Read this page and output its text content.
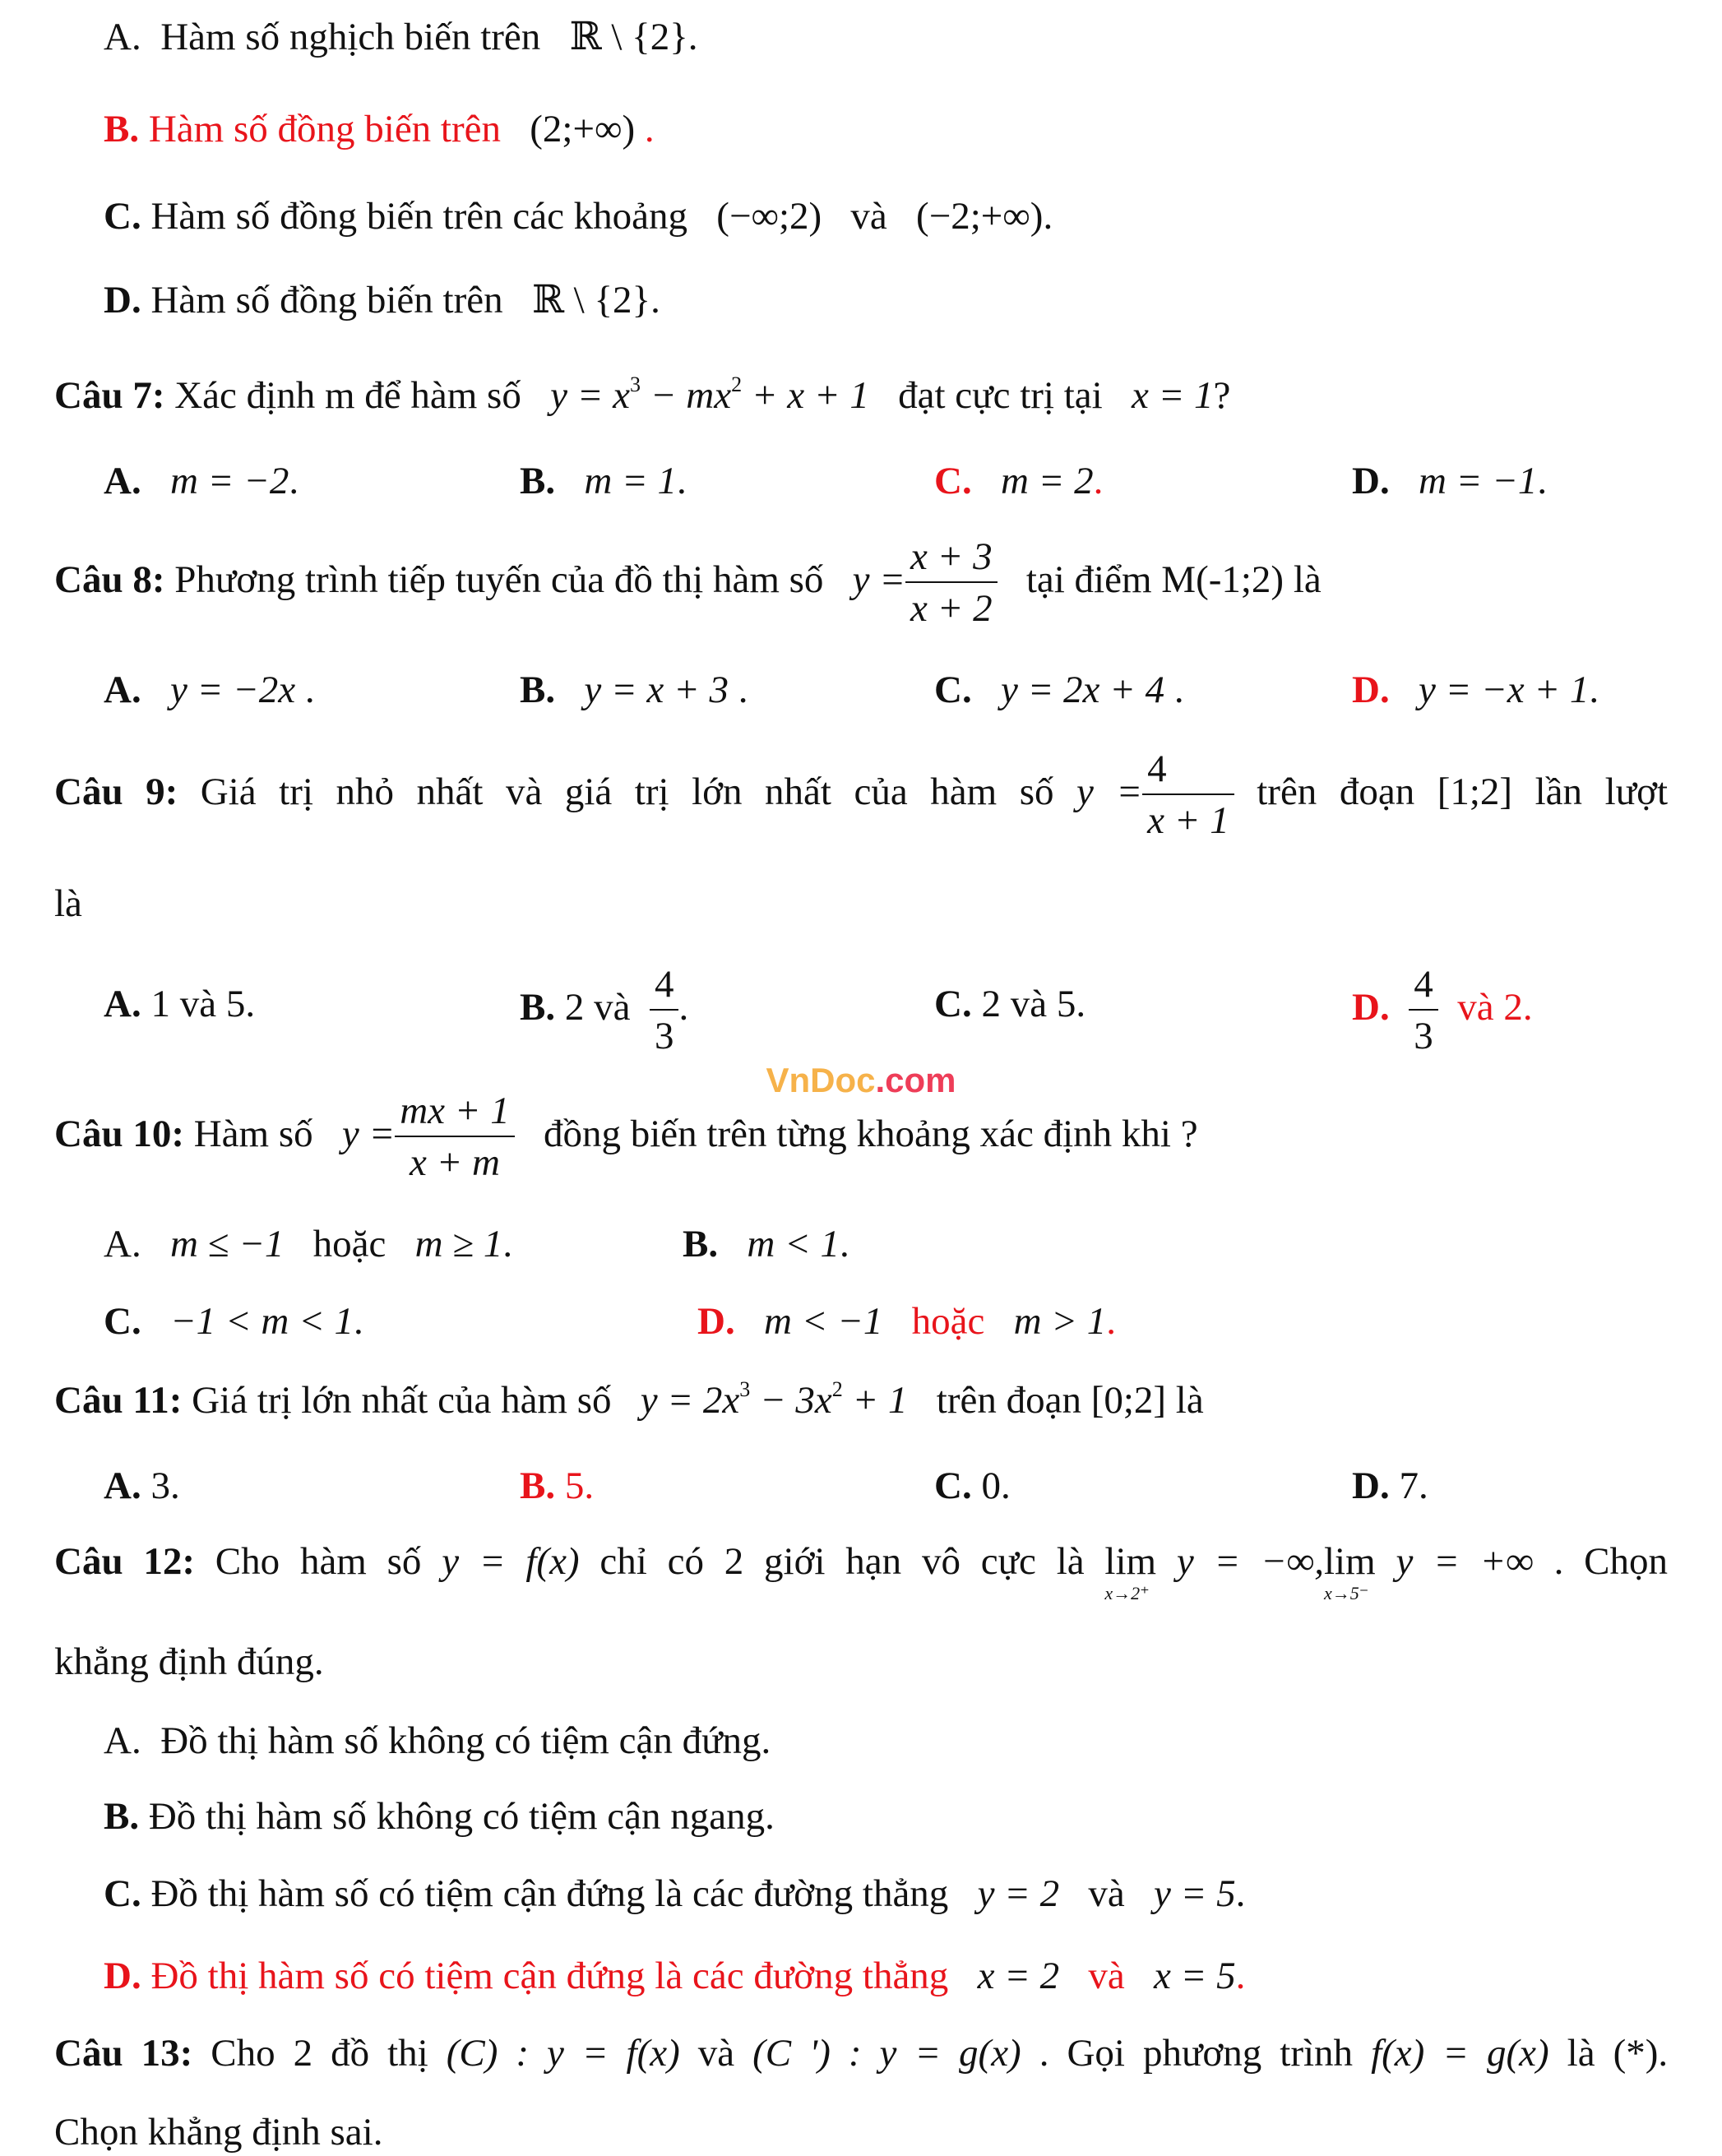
A. Hàm số nghịch biến trên ℝ \ {2}.
B. Hàm số đồng biến trên (2;+∞) .
C. Hàm số đồng biến trên các khoảng (−∞;2) và (−2;+∞).
D. Hàm số đồng biến trên ℝ \ {2}.
Câu 7: Xác định m để hàm số $y = x^3 - mx^2 + x + 1$ đạt cực trị tại x = 1?
A. m = −2.	B. m = 1.	C. m = 2.	D. m = −1.
Câu 8: Phương trình tiếp tuyến của đồ thị hàm số $y = \frac{x + 3}{x + 2}$ tại điểm M(-1;2) là
A. y = −2x .	B. y = x + 3 .	C. y = 2x + 4 .	D. y = −x + 1.
Câu 9: Giá trị nhỏ nhất và giá trị lớn nhất của hàm số $y = \frac{4}{x + 1}$ trên đoạn [1;2] lần lượt
là
A. 1 và 5.	B. 2 và $\frac{4}{3}$ .	C. 2 và 5.	D. $\frac{4}{3}$ và 2.
VnDoc.com
Câu 10: Hàm số $y = \frac{mx + 1}{x + m}$ đồng biến trên từng khoảng xác định khi ?
A. m ≤ −1 hoặc m ≥ 1.	B. m < 1.
C. −1 < m < 1.	D. m < −1 hoặc m > 1.
Câu 11: Giá trị lớn nhất của hàm số $y = 2x^3 - 3x^2 + 1$ trên đoạn [0;2] là
A. 3.	B. 5.	C. 0.	D. 7.
Câu 12: Cho hàm số y = f(x) chỉ có 2 giới hạn vô cực là lim
x→2⁺
y = −∞, lim
x→5⁻
y = +∞ . Chọn
khẳng định đúng.
A. Đồ thị hàm số không có tiệm cận đứng.
B. Đồ thị hàm số không có tiệm cận ngang.
C. Đồ thị hàm số có tiệm cận đứng là các đường thẳng y = 2 và y = 5.
D. Đồ thị hàm số có tiệm cận đứng là các đường thẳng x = 2 và x = 5.
Câu 13: Cho 2 đồ thị (C) : y = f(x) và (C ') : y = g(x) . Gọi phương trình f(x) = g(x) là (*).
Chọn khẳng định sai.
